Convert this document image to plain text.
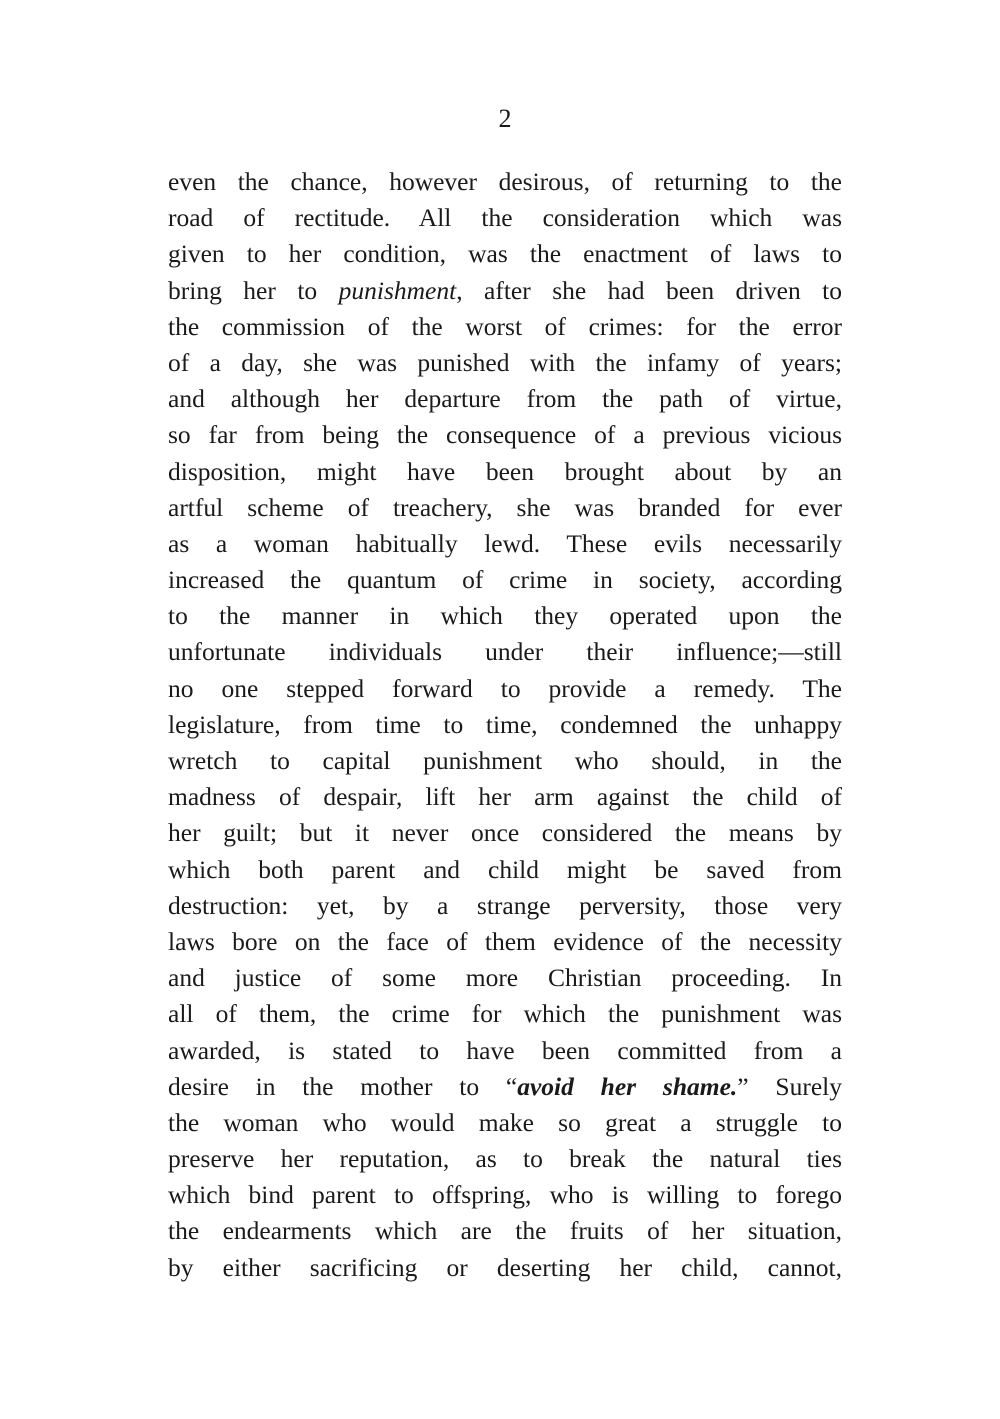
2
even the chance, however desirous, of returning to the
road of rectitude. All the consideration which was
given to her condition, was the enactment of laws to
bring her to punishment, after she had been driven to
the commission of the worst of crimes: for the error
of a day, she was punished with the infamy of years;
and although her departure from the path of virtue,
so far from being the consequence of a previous vicious
disposition, might have been brought about by an
artful scheme of treachery, she was branded for ever
as a woman habitually lewd. These evils necessarily
increased the quantum of crime in society, according
to the manner in which they operated upon the
unfortunate individuals under their influence;—still
no one stepped forward to provide a remedy. The
legislature, from time to time, condemned the unhappy
wretch to capital punishment who should, in the
madness of despair, lift her arm against the child of
her guilt; but it never once considered the means by
which both parent and child might be saved from
destruction: yet, by a strange perversity, those very
laws bore on the face of them evidence of the necessity
and justice of some more Christian proceeding. In
all of them, the crime for which the punishment was
awarded, is stated to have been committed from a
desire in the mother to “avoid her shame.” Surely
the woman who would make so great a struggle to
preserve her reputation, as to break the natural ties
which bind parent to offspring, who is willing to forego
the endearments which are the fruits of her situation,
by either sacrificing or deserting her child, cannot,
